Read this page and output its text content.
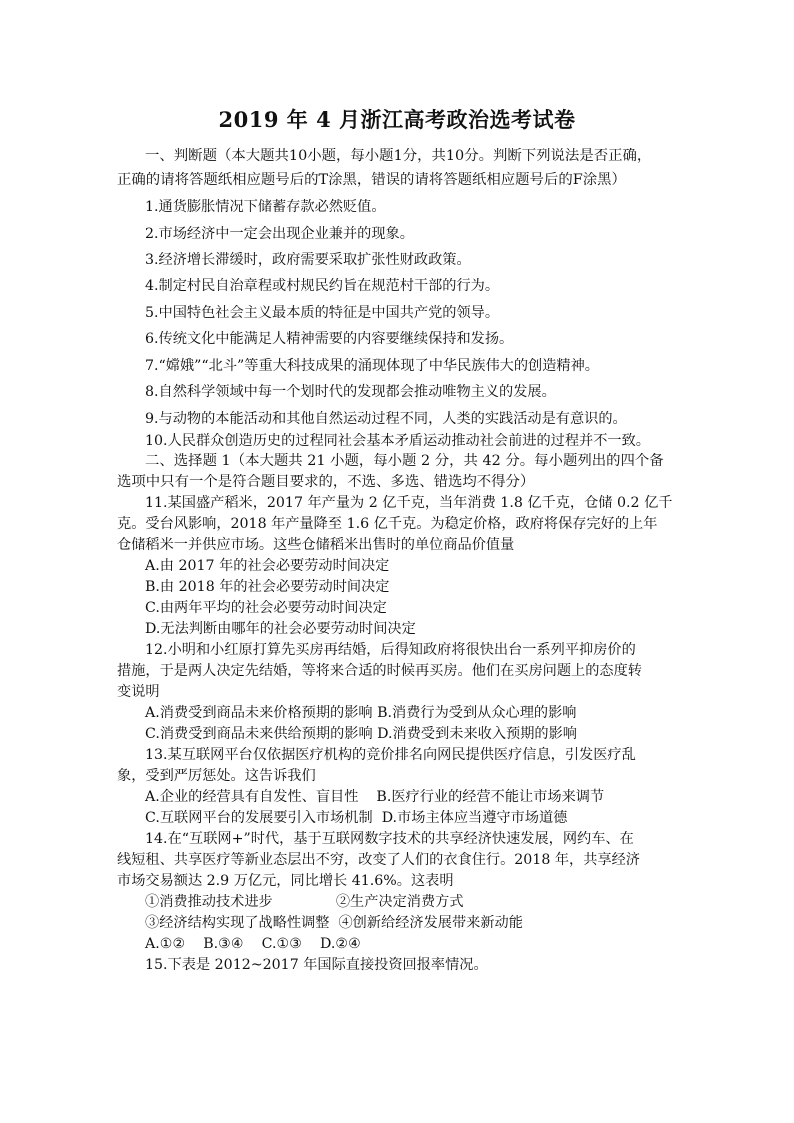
2019 年 4 月浙江高考政治选考试卷
一、判断题（本大题共10小题，每小题1分，共10分。判断下列说法是否正确，
正确的请将答题纸相应题号后的T涂黑，错误的请将答题纸相应题号后的F涂黑）
1.通货膨胀情况下储蓄存款必然贬值。
2.市场经济中一定会出现企业兼并的现象。
3.经济增长滞缓时，政府需要采取扩张性财政政策。
4.制定村民自治章程或村规民约旨在规范村干部的行为。
5.中国特色社会主义最本质的特征是中国共产党的领导。
6.传统文化中能满足人精神需要的内容要继续保持和发扬。
7.“嫦娥”“北斗”等重大科技成果的涌现体现了中华民族伟大的创造精神。
8.自然科学领域中每一个划时代的发现都会推动唯物主义的发展。
9.与动物的本能活动和其他自然运动过程不同，人类的实践活动是有意识的。
10.人民群众创造历史的过程同社会基本矛盾运动推动社会前进的过程并不一致。
二、选择题 1（本大题共 21 小题，每小题 2 分，共 42 分。每小题列出的四个备
选项中只有一个是符合题目要求的，不选、多选、错选均不得分）
11.某国盛产稻米，2017 年产量为 2 亿千克，当年消费 1.8 亿千克，仓储 0.2 亿千
克。受台风影响，2018 年产量降至 1.6 亿千克。为稳定价格，政府将保存完好的上年
仓储稻米一并供应市场。这些仓储稻米出售时的单位商品价值量
A.由 2017 年的社会必要劳动时间决定
B.由 2018 年的社会必要劳动时间决定
C.由两年平均的社会必要劳动时间决定
D.无法判断由哪年的社会必要劳动时间决定
12.小明和小红原打算先买房再结婚，后得知政府将很快出台一系列平抑房价的
措施，于是两人决定先结婚，等将来合适的时候再买房。他们在买房问题上的态度转
变说明
A.消费受到商品未来价格预期的影响 B.消费行为受到从众心理的影响
C.消费受到商品未来供给预期的影响 D.消费受到未来收入预期的影响
13.某互联网平台仅依据医疗机构的竞价排名向网民提供医疗信息，引发医疗乱
象，受到严厉惩处。这告诉我们
A.企业的经营具有自发性、盲目性    B.医疗行业的经营不能让市场来调节
C.互联网平台的发展要引入市场机制  D.市场主体应当遵守市场道德
14.在“互联网+”时代，基于互联网数字技术的共享经济快速发展，网约车、在
线短租、共享医疗等新业态层出不穷，改变了人们的衣食住行。2018 年，共享经济
市场交易额达 2.9 万亿元，同比增长 41.6%。这表明
①消费推动技术进步              ②生产决定消费方式
③经济结构实现了战略性调整  ④创新给经济发展带来新动能
A.①②    B.③④    C.①③    D.②④
15.下表是 2012~2017 年国际直接投资回报率情况。
